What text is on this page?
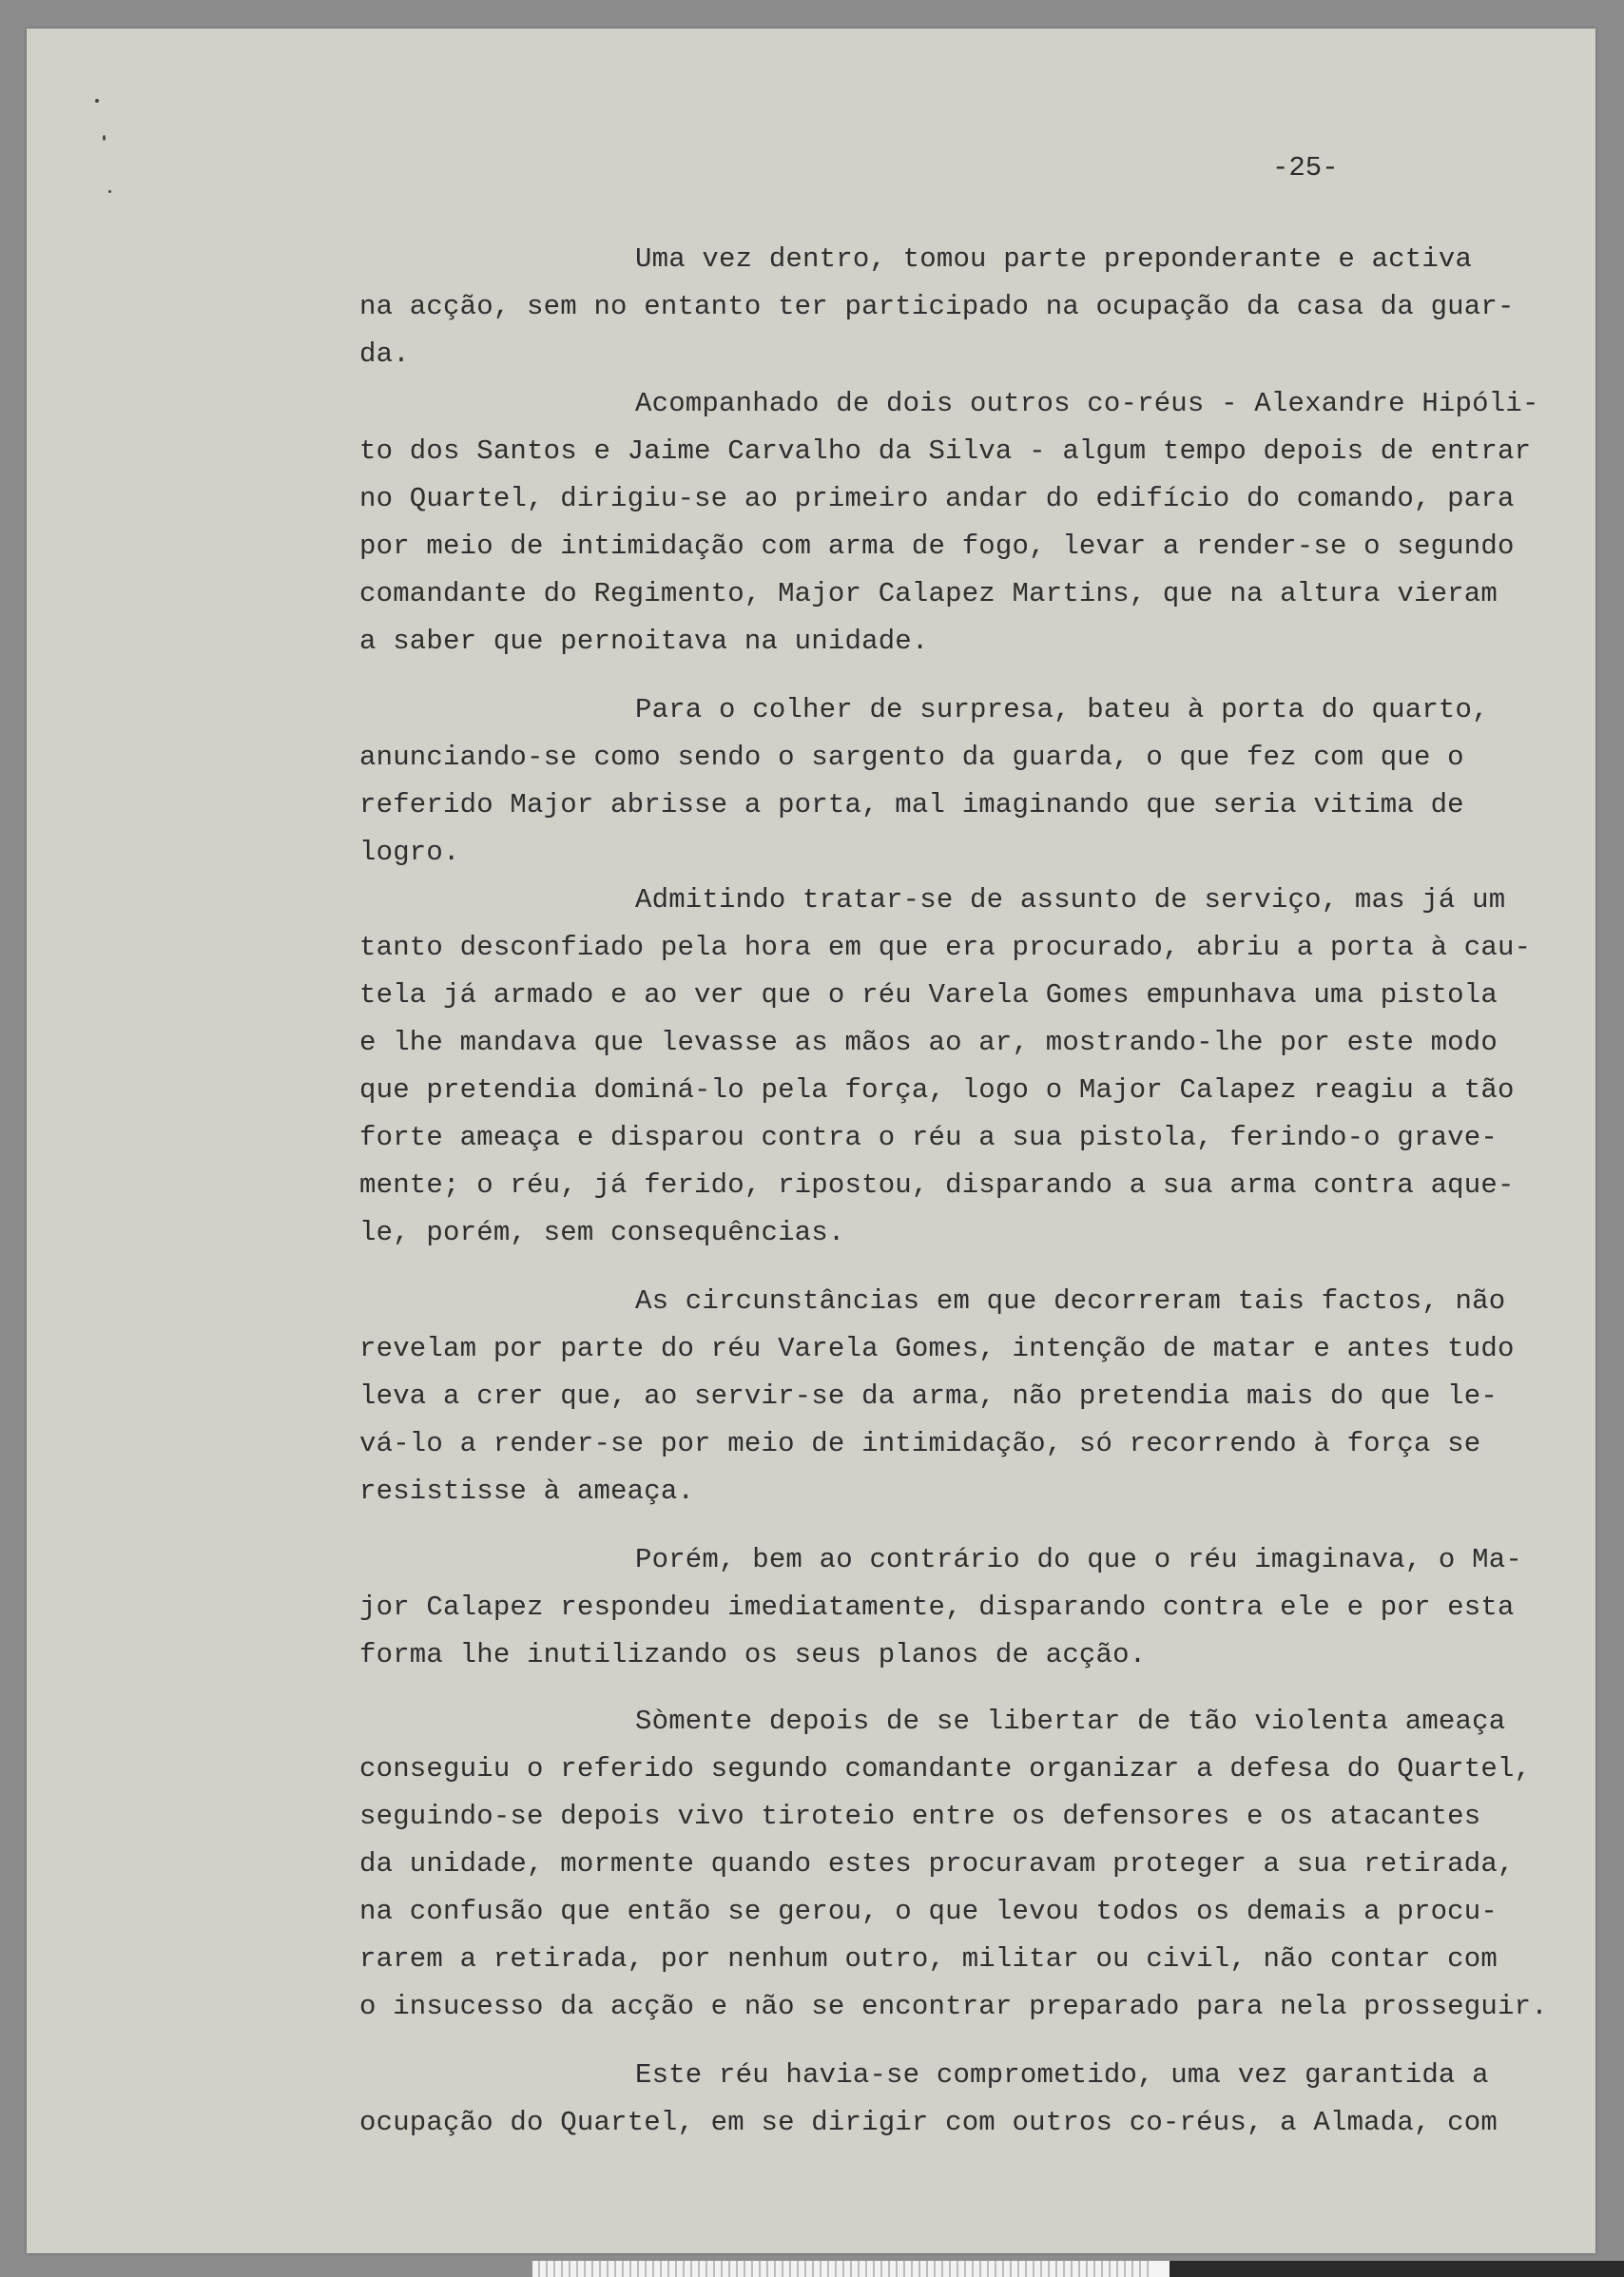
-25-
Uma vez dentro, tomou parte preponderante e activa
na acção, sem no entanto ter participado na ocupação da casa da guar-
da.
Acompanhado de dois outros co-réus - Alexandre Hipóli-
to dos Santos e Jaime Carvalho da Silva - algum tempo depois de entrar
no Quartel, dirigiu-se ao primeiro andar do edifício do comando, para
por meio de intimidação com arma de fogo, levar a render-se o segundo
comandante do Regimento, Major Calapez Martins, que na altura vieram
a saber que pernoitava na unidade.
Para o colher de surpresa, bateu à porta do quarto,
anunciando-se como sendo o sargento da guarda, o que fez com que o
referido Major abrisse a porta, mal imaginando que seria vitima de
logro.
Admitindo tratar-se de assunto de serviço, mas já um
tanto desconfiado pela hora em que era procurado, abriu a porta à cau-
tela já armado e ao ver que o réu Varela Gomes empunhava uma pistola
e lhe mandava que levasse as mãos ao ar, mostrando-lhe por este modo
que pretendia dominá-lo pela força, logo o Major Calapez reagiu a tão
forte ameaça e disparou contra o réu a sua pistola, ferindo-o grave-
mente; o réu, já ferido, ripostou, disparando a sua arma contra aque-
le, porém, sem consequências.
As circunstâncias em que decorreram tais factos, não
revelam por parte do réu Varela Gomes, intenção de matar e antes tudo
leva a crer que, ao servir-se da arma, não pretendia mais do que le-
vá-lo a render-se por meio de intimidação, só recorrendo à força se
resistisse à ameaça.
Porém, bem ao contrário do que o réu imaginava, o Ma-
jor Calapez respondeu imediatamente, disparando contra ele e por esta
forma lhe inutilizando os seus planos de acção.
Sòmente depois de se libertar de tão violenta ameaça
conseguiu o referido segundo comandante organizar a defesa do Quartel,
seguindo-se depois vivo tiroteio entre os defensores e os atacantes
da unidade, mormente quando estes procuravam proteger a sua retirada,
na confusão que então se gerou, o que levou todos os demais a procu-
rarem a retirada, por nenhum outro, militar ou civil, não contar com
o insucesso da acção e não se encontrar preparado para nela prosseguir.
Este réu havia-se comprometido, uma vez garantida a
ocupação do Quartel, em se dirigir com outros co-réus, a Almada, com
